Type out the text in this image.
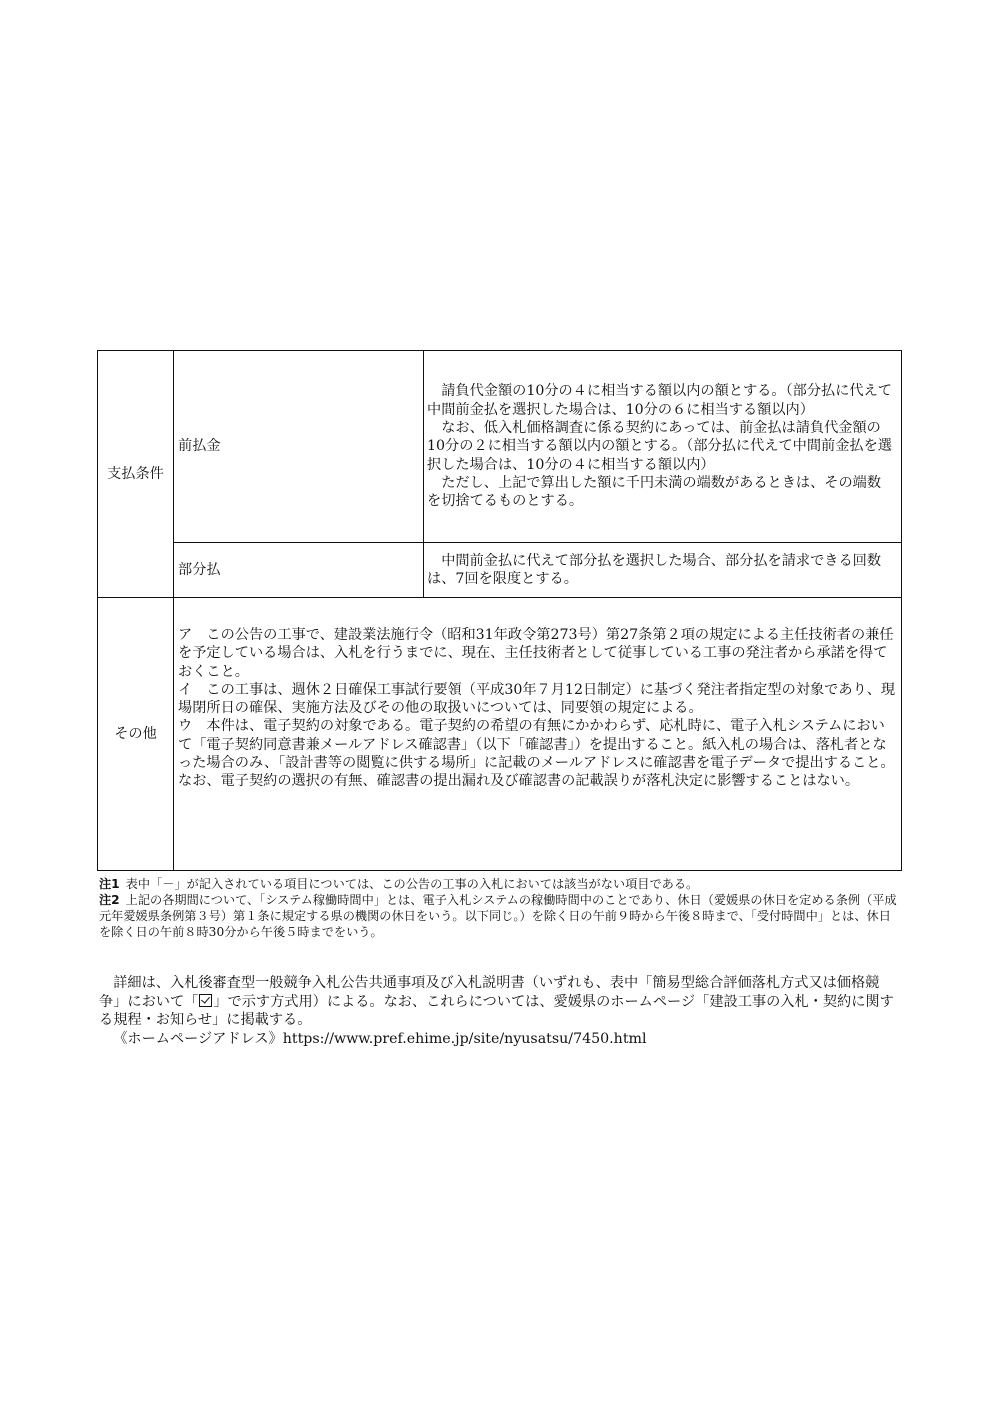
支払条件	前払金	請負代金額の10分の４に相当する額以内の額とする。（部分払に代えて中間前金払を選択した場合は、10分の６に相当する額以内）

なお、低入札価格調査に係る契約にあっては、前金払は請負代金額の10分の２に相当する額以内の額とする。（部分払に代えて中間前金払を選択した場合は、10分の４に相当する額以内）

ただし、上記で算出した額に千円未満の端数があるときは、その端数を切捨てるものとする。

	部分払	中間前金払に代えて部分払を選択した場合、部分払を請求できる回数は、7回を限度とする。

その他	ア　この公告の工事で、建設業法施行令（昭和31年政令第273号）第27条第２項の規定による主任技術者の兼任を予定している場合は、入札を行うまでに、現在、主任技術者として従事している工事の発注者から承諾を得ておくこと。

イ　この工事は、週休２日確保工事試行要領（平成30年７月12日制定）に基づく発注者指定型の対象であり、現場閉所日の確保、実施方法及びその他の取扱いについては、同要領の規定による。

ウ　本件は、電子契約の対象である。電子契約の希望の有無にかかわらず、応札時に、電子入札システムにおいて「電子契約同意書兼メールアドレス確認書」（以下「確認書」）を提出すること。紙入札の場合は、落札者となった場合のみ、「設計書等の閲覧に供する場所」に記載のメールアドレスに確認書を電子データで提出すること。なお、電子契約の選択の有無、確認書の提出漏れ及び確認書の記載誤りが落札決定に影響することはない。	

注1 表中「－」が記入されている項目については、この公告の工事の入札においては該当がない項目である。

注2 上記の各期間について、「システム稼働時間中」とは、電子入札システムの稼働時間中のことであり、休日（愛媛県の休日を定める条例（平成元年愛媛県条例第３号）第１条に規定する県の機関の休日をいう。以下同じ。）を除く日の午前９時から午後８時まで、「受付時間中」とは、休日を除く日の午前８時30分から午後５時までをいう。

詳細は、入札後審査型一般競争入札公告共通事項及び入札説明書（いずれも、表中「簡易型総合評価落札方式又は価格競争」において「 」で示す方式用）による。なお、これらについては、愛媛県のホームページ「建設工事の入札・契約に関する規程・お知らせ」に掲載する。

《ホームページアドレス》https://www.pref.ehime.jp/site/nyusatsu/7450.html
